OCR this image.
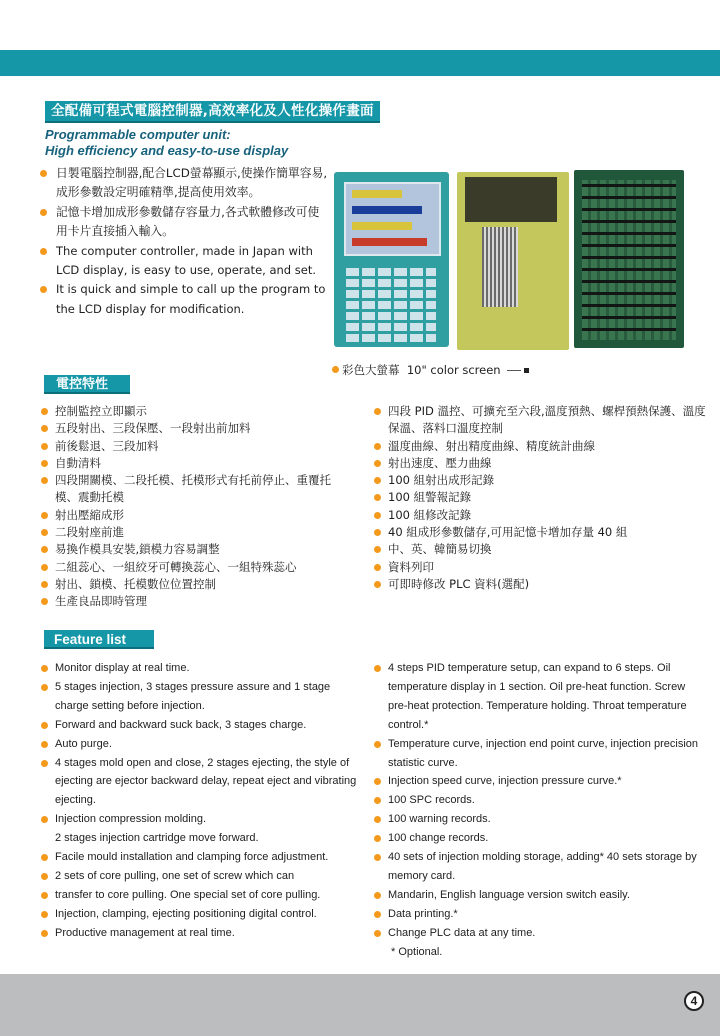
全配備可程式電腦控制器,高效率化及人性化操作畫面
Programmable computer unit:
High efficiency and easy-to-use display
日製電腦控制器,配合LCD螢幕顯示,使操作簡單容易,成形參數設定明確精準,提高使用效率。
記憶卡增加成形參數儲存容量力,各式軟體修改可使用卡片直接插入輸入。
The computer controller, made in Japan with LCD display, is easy to use, operate, and set.
It is quick and simple to call up the program to the LCD display for modification.
彩色大螢幕 10" color screen
電控特性
控制監控立即顯示
五段射出、三段保壓、一段射出前加料
前後鬆退、三段加料
自動清料
四段開關模、二段托模、托模形式有托前停止、重覆托模、震動托模
射出壓縮成形
二段射座前進
易換作模具安裝,鎖模力容易調整
二組蕊心、一組絞牙可轉換蕊心、一組特殊蕊心
射出、鎖模、托模數位位置控制
生產良品即時管理
四段 PID 溫控、可擴充至六段,溫度預熱、螺桿預熱保護、溫度保溫、落料口溫度控制
溫度曲線、射出精度曲線、精度統計曲線
射出速度、壓力曲線
100 組射出成形記錄
100 組警報記錄
100 組修改記錄
40 組成形參數儲存,可用記憶卡增加存量 40 組
中、英、韓簡易切換
資料列印
可即時修改 PLC 資料(選配)
Feature list
Monitor display at real time.
5 stages injection, 3 stages pressure assure and 1 stage charge setting before injection.
Forward and backward suck back, 3 stages charge.
Auto purge.
4 stages mold open and close, 2 stages ejecting, the style of ejecting are ejector backward delay, repeat eject and vibrating ejecting.
Injection compression molding.
2 stages injection cartridge move forward.
Facile mould installation and clamping force adjustment.
2 sets of core pulling, one set of screw which can
transfer to core pulling. One special set of core pulling.
Injection, clamping, ejecting positioning digital control.
Productive management at real time.
4 steps PID temperature setup, can expand to 6 steps. Oil temperature display in 1 section. Oil pre-heat function. Screw pre-heat protection. Temperature holding. Throat temperature control.*
Temperature curve, injection end point curve, injection precision statistic curve.
Injection speed curve, injection pressure curve.*
100 SPC records.
100 warning records.
100 change records.
40 sets of injection molding storage, adding* 40 sets storage by memory card.
Mandarin, English language version switch easily.
Data printing.*
Change PLC data at any time.
* Optional.
4
